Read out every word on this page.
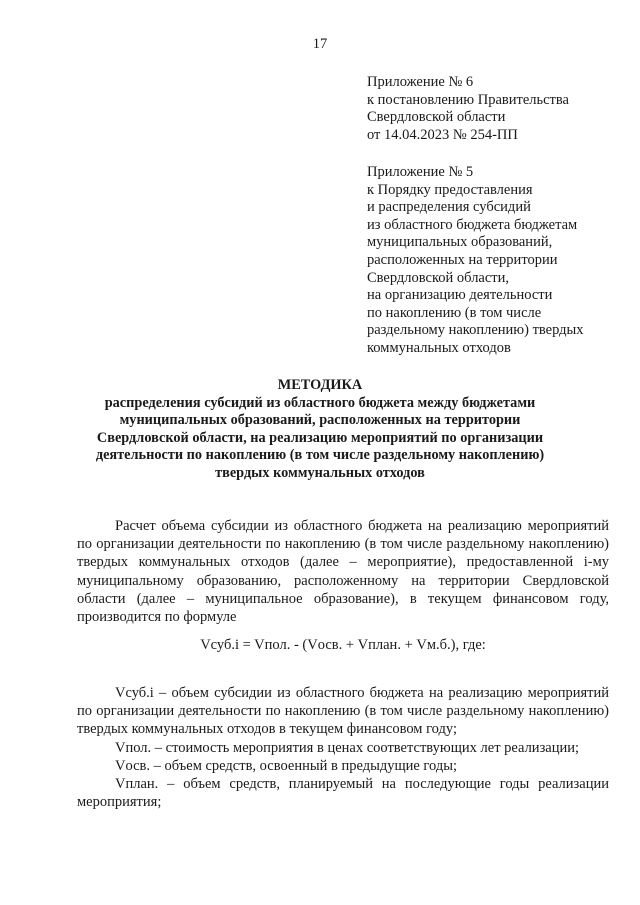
17
Приложение № 6
к постановлению Правительства
Свердловской области
от 14.04.2023 № 254-ПП
Приложение № 5
к Порядку предоставления
и распределения субсидий
из областного бюджета бюджетам
муниципальных образований,
расположенных на территории
Свердловской области,
на организацию деятельности
по накоплению (в том числе
раздельному накоплению) твердых
коммунальных отходов
МЕТОДИКА
распределения субсидий из областного бюджета между бюджетами
муниципальных образований, расположенных на территории
Свердловской области, на реализацию мероприятий по организации
деятельности по накоплению (в том числе раздельному накоплению)
твердых коммунальных отходов

Расчет объема субсидии из областного бюджета на реализацию мероприятий по организации деятельности по накоплению (в том числе раздельному накоплению) твердых коммунальных отходов (далее – мероприятие), предоставленной i-му муниципальному образованию, расположенному на территории Свердловской области (далее – муниципальное образование), в текущем финансовом году, производится по формуле

Vсуб.i = Vпол. - (Vосв. + Vплан. + Vм.б.), где:

Vсуб.i – объем субсидии из областного бюджета на реализацию мероприятий по организации деятельности по накоплению (в том числе раздельному накоплению) твердых коммунальных отходов в текущем финансовом году;

Vпол. – стоимость мероприятия в ценах соответствующих лет реализации;

Vосв. – объем средств, освоенный в предыдущие годы;

Vплан. – объем средств, планируемый на последующие годы реализации мероприятия;
